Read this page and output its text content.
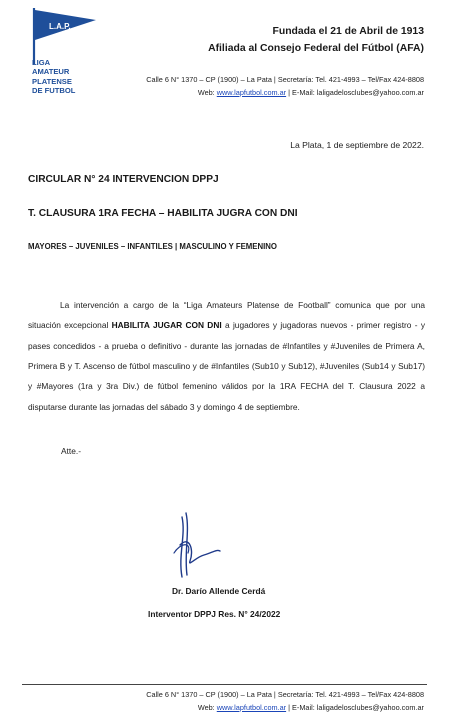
L.A.P.
LIGA
AMATEUR
PLATENSE
DE FUTBOL
Fundada el 21 de Abril de 1913
Afiliada al Consejo Federal del Fútbol (AFA)
Calle 6 N° 1370 – CP (1900) – La Pata | Secretaría: Tel. 421-4993 – Tel/Fax 424-8808
Web: www.lapfutbol.com.ar | E-Mail: laligadelosclubes@yahoo.com.ar
La Plata, 1 de septiembre de 2022.
CIRCULAR N° 24 INTERVENCION DPPJ
T. CLAUSURA 1RA FECHA – HABILITA JUGRA CON DNI
MAYORES – JUVENILES – INFANTILES | MASCULINO Y FEMENINO

La intervención a cargo de la “Liga Amateurs Platense de Football” comunica que por una situación excepcional HABILITA JUGAR CON DNI a jugadores y jugadoras nuevos - primer registro - y pases concedidos - a prueba o definitivo - durante las jornadas de #Infantiles y #Juveniles de Primera A, Primera B y T. Ascenso de fútbol masculino y de #Infantiles (Sub10 y Sub12), #Juveniles (Sub14 y Sub17) y #Mayores (1ra y 3ra Div.) de fútbol femenino válidos por la 1RA FECHA del T. Clausura 2022 a disputarse durante las jornadas del sábado 3 y domingo 4 de septiembre.

Atte.-
Dr. Darío Allende Cerdá
Interventor DPPJ Res. N° 24/2022
Calle 6 N° 1370 – CP (1900) – La Pata | Secretaría: Tel. 421-4993 – Tel/Fax 424-8808
Web: www.lapfutbol.com.ar | E-Mail: laligadelosclubes@yahoo.com.ar
